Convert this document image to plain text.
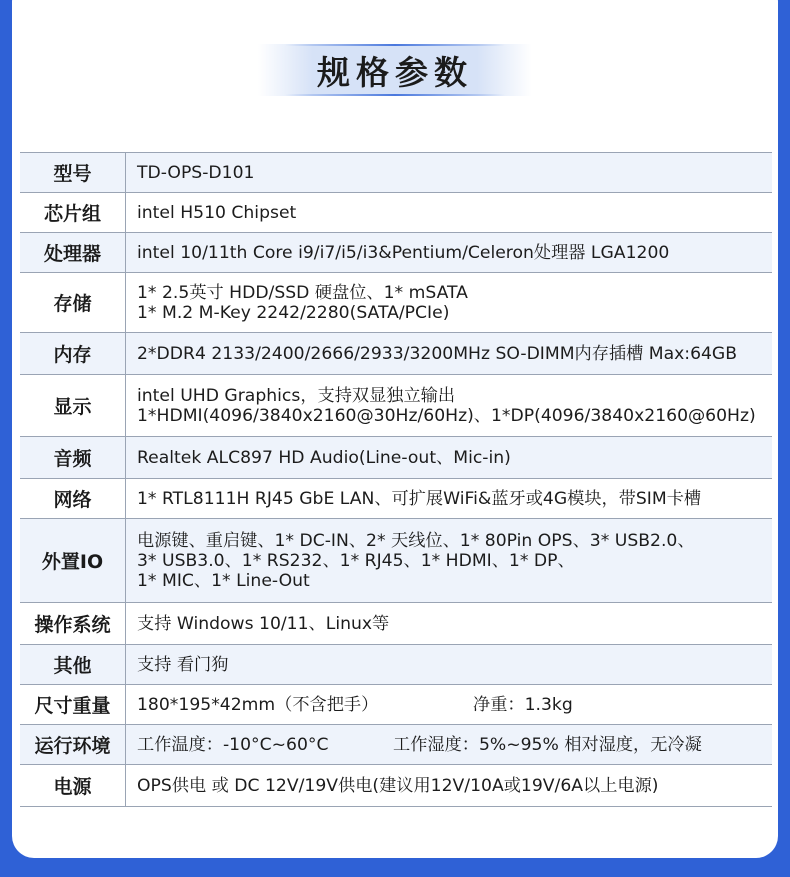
规格参数
型号	TD-OPS-D101

芯片组	intel H510 Chipset

处理器	intel 10/11th Core i9/i7/i5/i3&Pentium/Celeron处理器 LGA1200

存储	1* 2.5英寸 HDD/SSD 硬盘位、1* mSATA
1* M.2 M-Key 2242/2280(SATA/PCIe)

内存	2*DDR4 2133/2400/2666/2933/3200MHz SO-DIMM内存插槽 Max:64GB

显示	intel UHD Graphics，支持双显独立输出
1*HDMI(4096/3840x2160@30Hz/60Hz)、1*DP(4096/3840x2160@60Hz)

音频	Realtek ALC897 HD Audio(Line-out、Mic-in)

网络	1* RTL8111H RJ45 GbE LAN、可扩展WiFi&蓝牙或4G模块，带SIM卡槽

外置IO	电源键、重启键、1* DC-IN、2* 天线位、1* 80Pin OPS、3* USB2.0、
3* USB3.0、1* RS232、1* RJ45、1* HDMI、1* DP、
1* MIC、1* Line-Out

操作系统	支持 Windows 10/11、Linux等

其他	支持 看门狗

尺寸重量	180*195*42mm（不含把手） 净重：1.3kg
运行环境	工作温度：-10°C~60°C 工作湿度：5%~95% 相对湿度，无冷凝
电源	OPS供电 或 DC 12V/19V供电(建议用12V/10A或19V/6A以上电源)
